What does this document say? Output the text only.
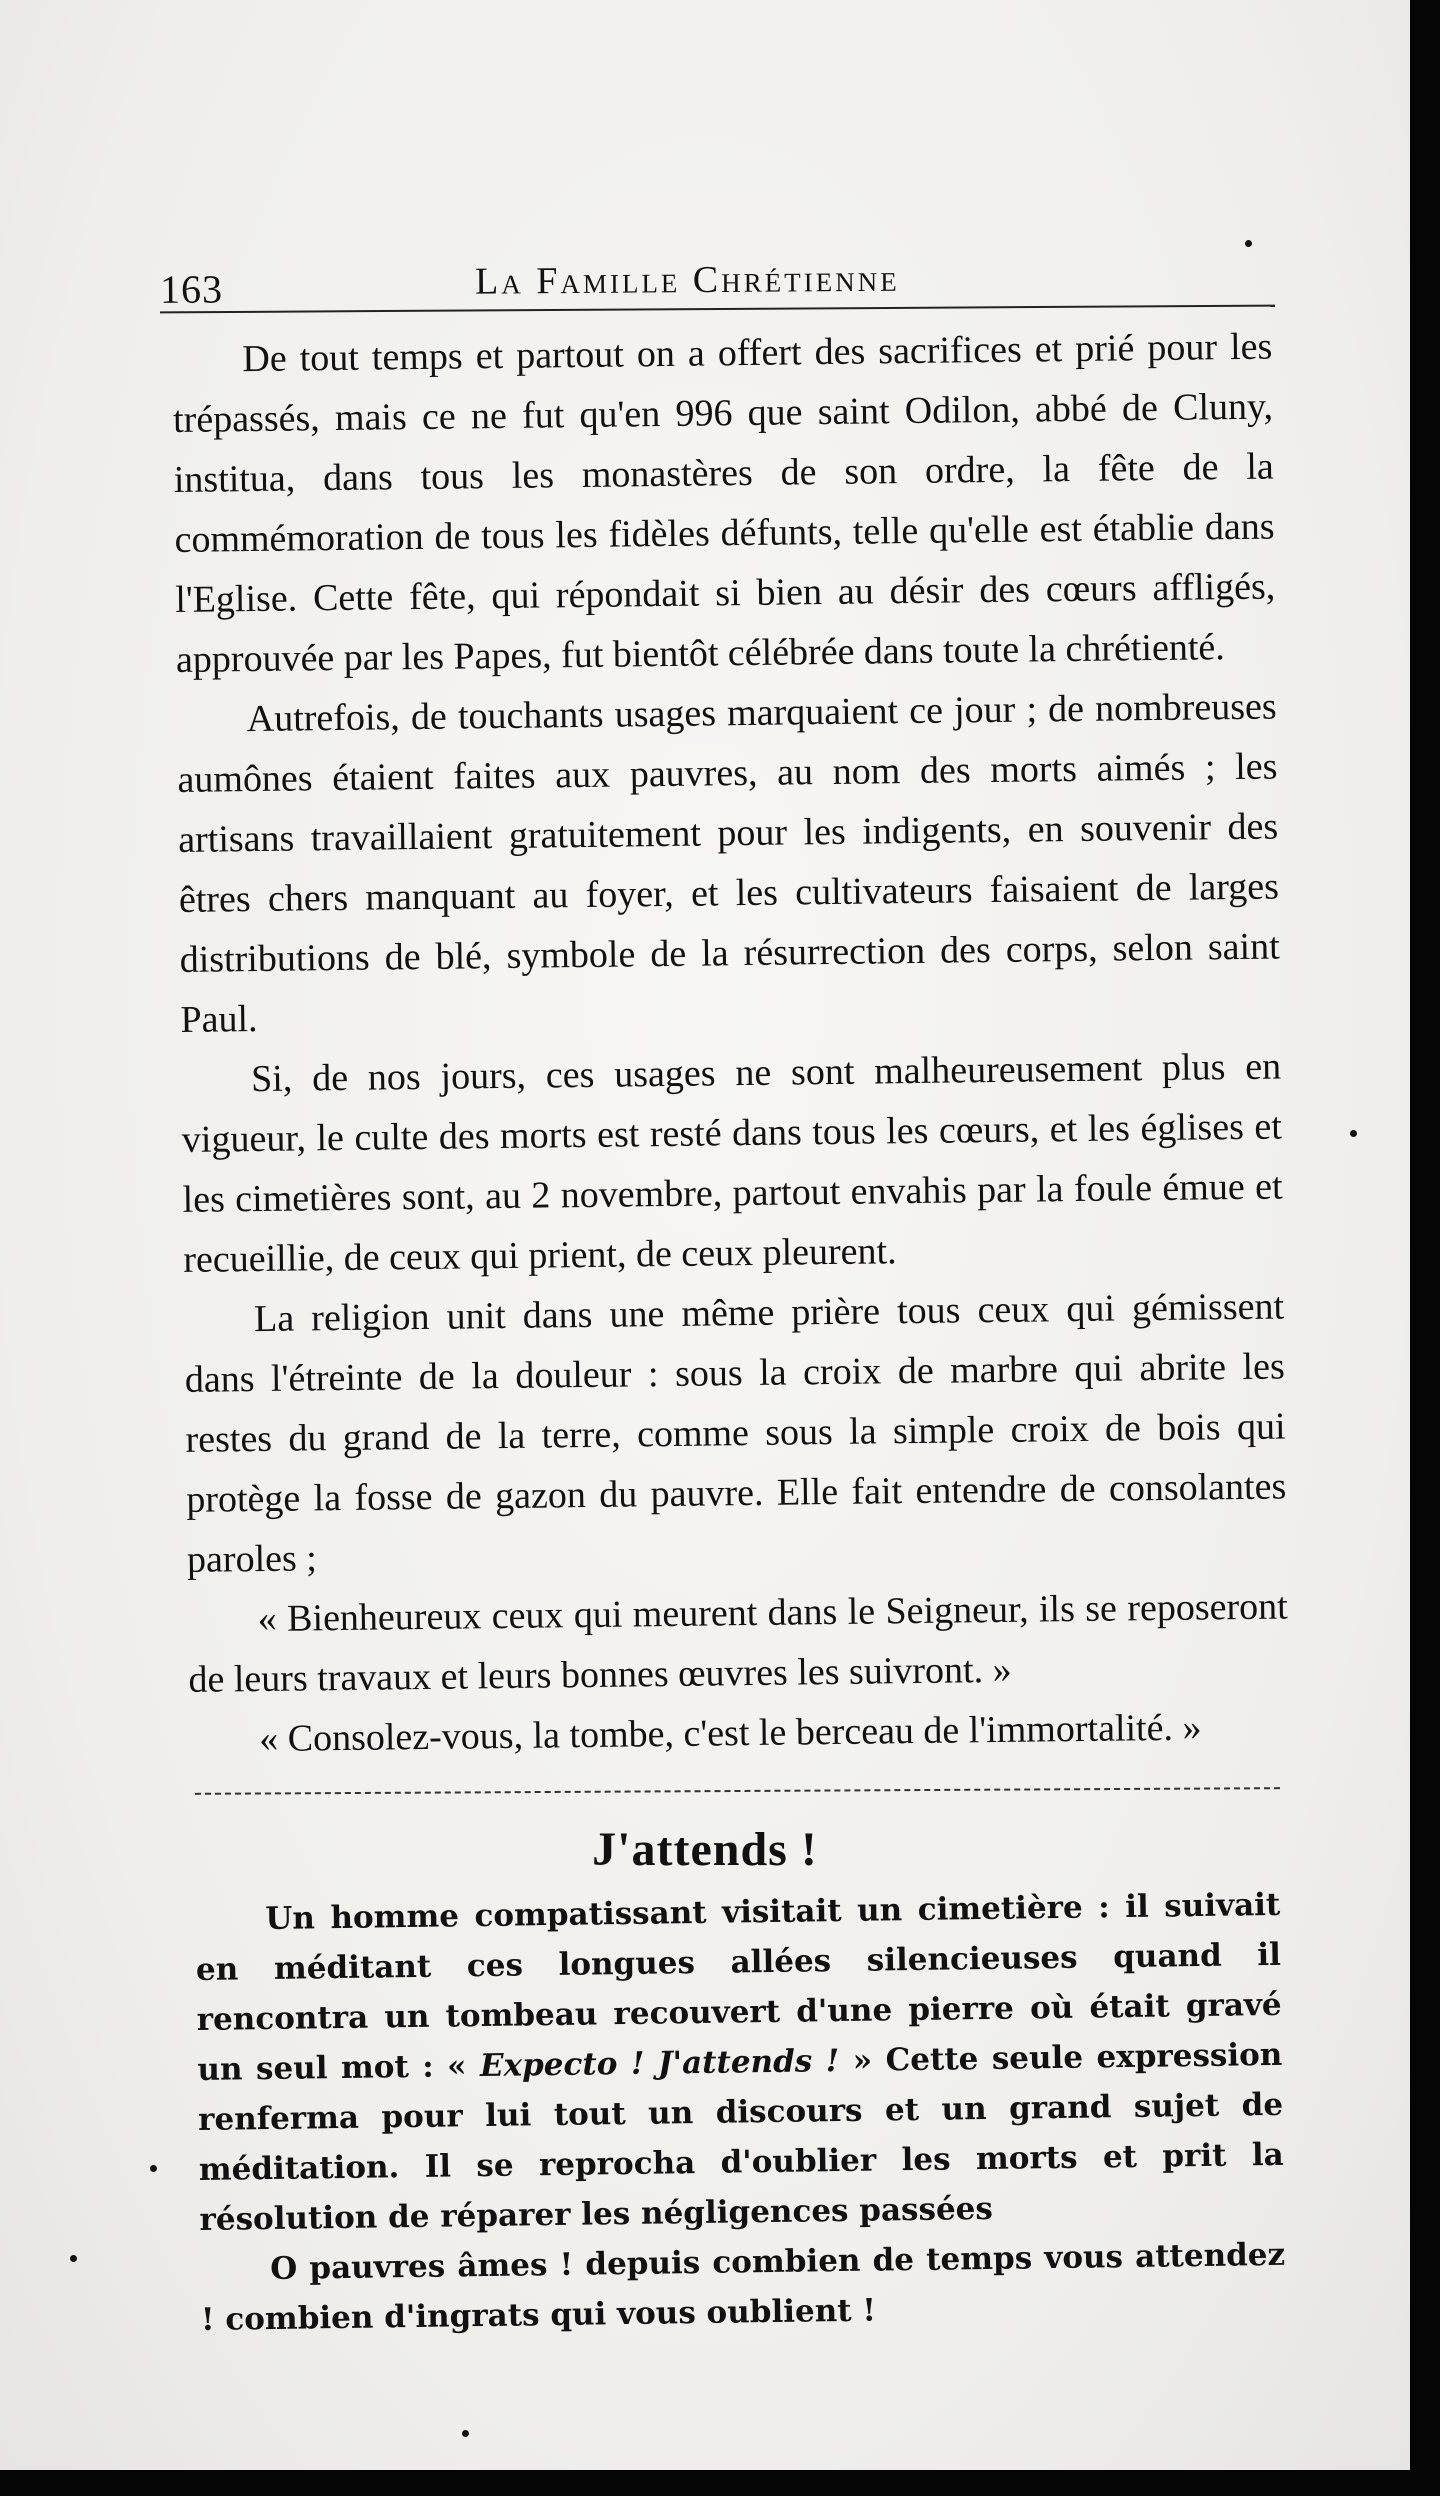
163	La Famille Chrétienne

De tout temps et partout on a offert des sacrifices et prié pour les trépassés, mais ce ne fut qu'en 996 que saint Odilon, abbé de Cluny, institua, dans tous les monastères de son ordre, la fête de la commémoration de tous les fidèles défunts, telle qu'elle est établie dans l'Eglise. Cette fête, qui répondait si bien au désir des cœurs affligés, approuvée par les Papes, fut bientôt célébrée dans toute la chrétienté.

Autrefois, de touchants usages marquaient ce jour ; de nombreuses aumônes étaient faites aux pauvres, au nom des morts aimés ; les artisans travaillaient gratuitement pour les indigents, en souvenir des êtres chers manquant au foyer, et les cultivateurs faisaient de larges distributions de blé, symbole de la résurrection des corps, selon saint Paul.

Si, de nos jours, ces usages ne sont malheureusement plus en vigueur, le culte des morts est resté dans tous les cœurs, et les églises et les cimetières sont, au 2 novembre, partout envahis par la foule émue et recueillie, de ceux qui prient, de ceux pleurent.

La religion unit dans une même prière tous ceux qui gémissent dans l'étreinte de la douleur : sous la croix de marbre qui abrite les restes du grand de la terre, comme sous la simple croix de bois qui protège la fosse de gazon du pauvre. Elle fait entendre de consolantes paroles ;

« Bienheureux ceux qui meurent dans le Seigneur, ils se reposeront de leurs travaux et leurs bonnes œuvres les suivront. »

« Consolez-vous, la tombe, c'est le berceau de l'immortalité. »

J'attends !

Un homme compatissant visitait un cimetière : il suivait en méditant ces longues allées silencieuses quand il rencontra un tombeau recouvert d'une pierre où était gravé un seul mot : « Expecto ! J'attends ! » Cette seule expression renferma pour lui tout un discours et un grand sujet de méditation. Il se reprocha d'oublier les morts et prit la résolution de réparer les négligences passées

O pauvres âmes ! depuis combien de temps vous attendez ! combien d'ingrats qui vous oublient !
